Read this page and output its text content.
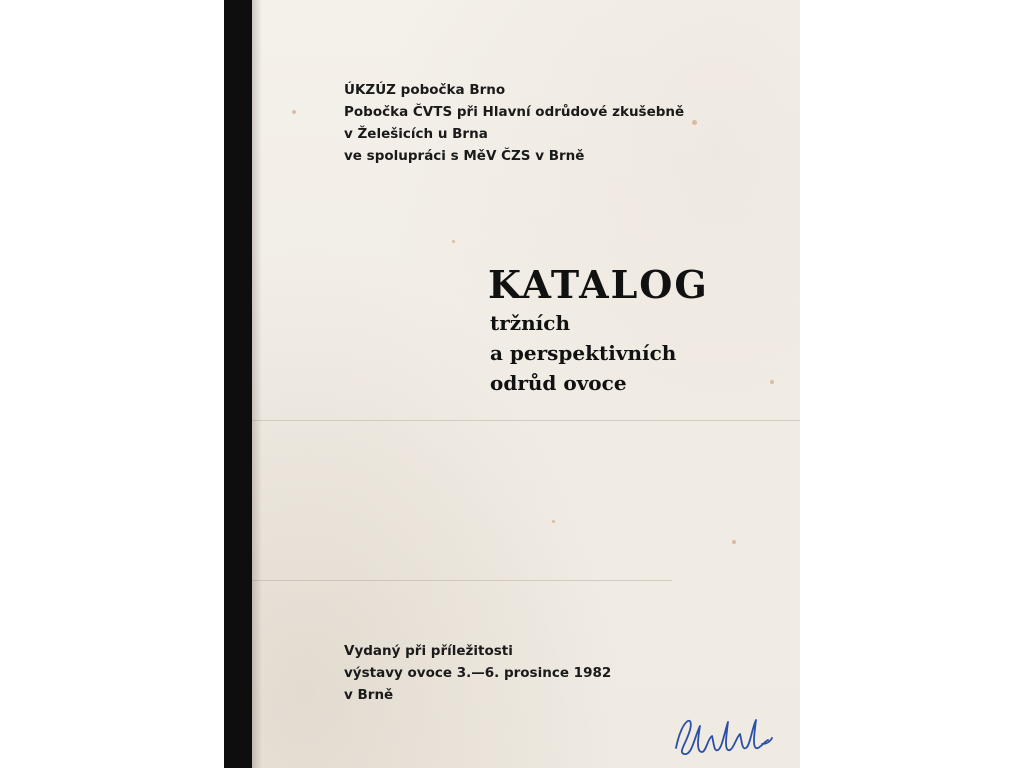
ÚKZÚZ pobočka Brno
Pobočka ČVTS při Hlavní odrůdové zkušebně
v Želešicích u Brna
ve spolupráci s MěV ČZS v Brně
KATALOG
tržních
a perspektivních
odrůd ovoce
Vydaný při příležitosti
výstavy ovoce 3.—6. prosince 1982
v Brně
